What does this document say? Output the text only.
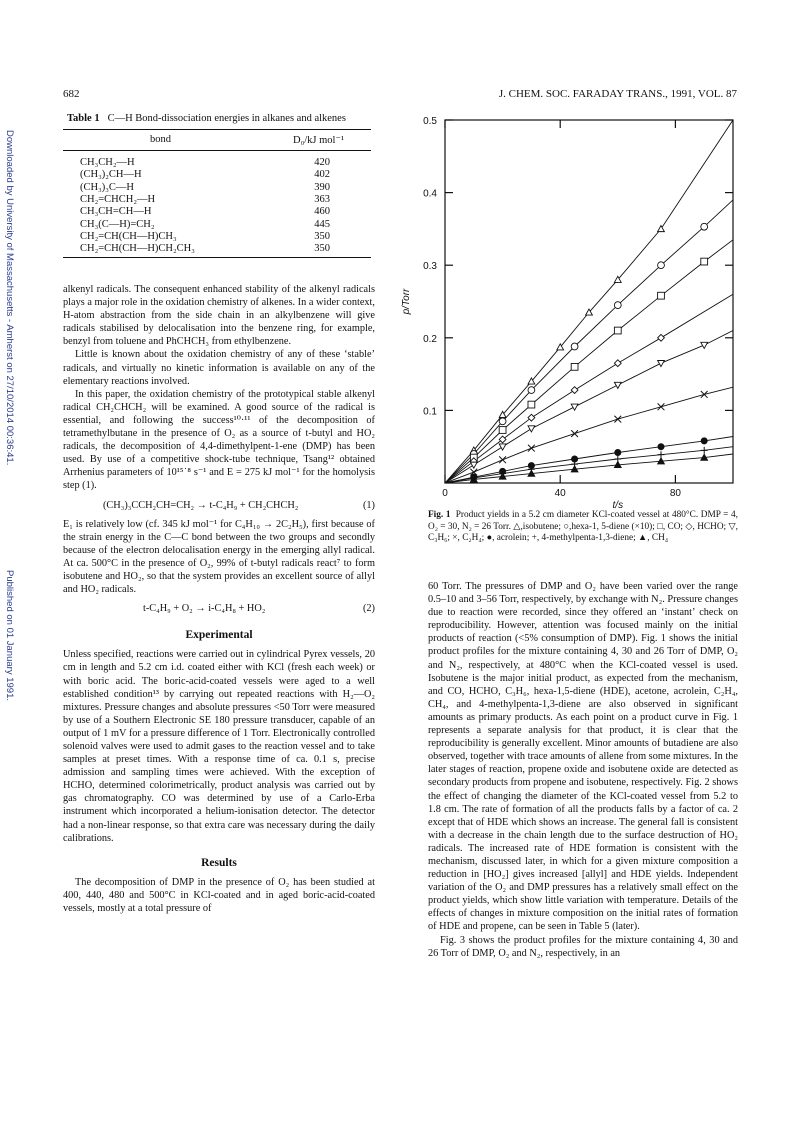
682	J. CHEM. SOC. FARADAY TRANS., 1991, VOL. 87
Downloaded by University of Massachusetts - Amherst on 27/10/2014 00:36:41.
Published on 01 January 1991.
Table 1 C—H Bond-dissociation energies in alkanes and alkenes
bond	D₀/kJ mol⁻¹
CH₃CH₂—H	420
(CH₃)₂CH—H	402
(CH₃)₃C—H	390
CH₂=CHCH₂—H	363
CH₃CH=CH—H	460
CH₃(C—H)=CH₂	445
CH₂=CH(CH—H)CH₃	350
CH₂=CH(CH—H)CH₂CH₃	350

alkenyl radicals. The consequent enhanced stability of the alkenyl radicals plays a major role in the oxidation chemistry of alkenes. In a wider context, H-atom abstraction from the side chain in an alkylbenzene will give radicals stabilised by delocalisation into the benzene ring, for example, benzyl from toluene and PhCHCH₃ from ethylbenzene.

Little is known about the oxidation chemistry of any of these ‘stable’ radicals, and virtually no kinetic information is available on any of the elementary reactions involved.

In this paper, the oxidation chemistry of the prototypical stable alkenyl radical CH₂CHCH₂ will be examined. A good source of the radical is essential, and following the success¹⁰·¹¹ of the decomposition of tetramethylbutane in the presence of O₂ as a source of t-butyl and HO₂ radicals, the decomposition of 4,4-dimethylpent-1-ene (DMP) has been used. By use of a competitive shock-tube technique, Tsang¹² obtained Arrhenius parameters of 10¹⁵˙⁸ s⁻¹ and E = 275 kJ mol⁻¹ for the homolysis step (1).

(CH₃)₃CCH₂CH=CH₂ → t-C₄H₉ + CH₂CHCH₂	(1)

E₁ is relatively low (cf. 345 kJ mol⁻¹ for C₄H₁₀ → 2C₂H₅), first because of the strain energy in the C—C bond between the two groups and secondly because of the electron delocalisation energy in the emerging allyl radical. At ca. 500°C in the presence of O₂, 99% of t-butyl radicals react⁷ to form isobutene and HO₂, so that the system provides an excellent source of allyl and HO₂ radicals.

t-C₄H₉ + O₂ → i-C₄H₈ + HO₂	(2)
Experimental

Unless specified, reactions were carried out in cylindrical Pyrex vessels, 20 cm in length and 5.2 cm i.d. coated either with KCl (fresh each week) or with boric acid. The boric-acid-coated vessels were aged to a well established condition¹³ by carrying out repeated reactions with H₂—O₂ mixtures. Pressure changes and absolute pressures <50 Torr were measured by use of a Southern Electronic SE 180 pressure transducer, capable of an output of 1 mV for a pressure difference of 1 Torr. Electronically controlled solenoid valves were used to admit gases to the reaction vessel and to take samples at preset times. With a response time of ca. 0.1 s, precise admission and sampling times were achieved. With the exception of HCHO, determined colorimetrically, product analysis was carried out by gas chromatography. CO was determined by use of a Carlo-Erba instrument which incorporated a helium-ionisation detector. The detector had a non-linear response, so that extra care was necessary during the daily calibrations.

Results

The decomposition of DMP in the presence of O₂ has been studied at 400, 440, 480 and 500°C in KCl-coated and in aged boric-acid-coated vessels, mostly at a total pressure of

0.1
0.2
0.3
0.4
0.5
0	40	80
t/s
p/Torr
Fig. 1 Product yields in a 5.2 cm diameter KCl-coated vessel at 480°C. DMP = 4, O₂ = 30, N₂ = 26 Torr. △,isobutene; ○,hexa-1, 5-diene (×10); □, CO; ◇, HCHO; ▽, C₃H₆; ×, C₂H₄; ●, acrolein; +, 4-methylpenta-1,3-diene; ▲, CH₄

60 Torr. The pressures of DMP and O₂ have been varied over the range 0.5–10 and 3–56 Torr, respectively, by exchange with N₂. Pressure changes due to reaction were recorded, since they offered an ‘instant’ check on reproducibility. However, attention was focused mainly on the initial products of reaction (<5% consumption of DMP). Fig. 1 shows the initial product profiles for the mixture containing 4, 30 and 26 Torr of DMP, O₂ and N₂, respectively, at 480°C when the KCl-coated vessel is used. Isobutene is the major initial product, as expected from the mechanism, and CO, HCHO, C₃H₆, hexa-1,5-diene (HDE), acetone, acrolein, C₂H₄, CH₄, and 4-methylpenta-1,3-diene are also observed in significant amounts as primary products. As each point on a product curve in Fig. 1 represents a separate analysis for that product, it is clear that the reproducibility is generally excellent. Minor amounts of butadiene are also observed, together with trace amounts of allene from some mixtures. In the later stages of reaction, propene oxide and isobutene oxide are detected as secondary products from propene and isobutene, respectively. Fig. 2 shows the effect of changing the diameter of the KCl-coated vessel from 5.2 to 1.8 cm. The rate of formation of all the products falls by a factor of ca. 2 except that of HDE which shows an increase. The general fall is consistent with a decrease in the chain length due to the surface destruction of HO₂ radicals. The increased rate of HDE formation is consistent with the mechanism, discussed later, in which for a given mixture composition a reduction in [HO₂] gives increased [allyl] and HDE yields. Independent variation of the O₂ and DMP pressures has a relatively small effect on the product yields, which show little variation with temperature. Details of the effects of changes in mixture composition on the initial rates of formation of HDE and propene, can be seen in Table 5 (later).

Fig. 3 shows the product profiles for the mixture containing 4, 30 and 26 Torr of DMP, O₂ and N₂, respectively, in an
